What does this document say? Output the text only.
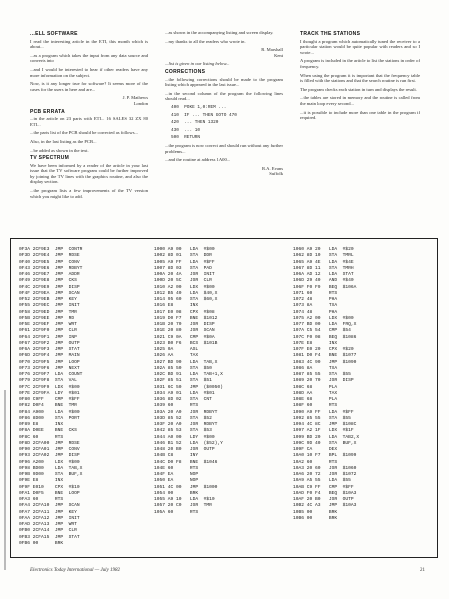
...ELL SOFTWARE

I read the interesting article in the ETI, this month which is about...

...as a program which takes the input from any data source and converts into

...and I would be interested to hear if other readers have any more information on the subject.

Now, is it any longer true for software? It seems more of the cases for the users in here and are...

J. P. Mathews
London

PCB ERRATA

...in the article on 23 parts with ETI... 16 SALES 32 ZX 80 ETI...

...the parts list of the PCB should be corrected as follows...

Also, in the last listing as the PCB...

...be added as shown in the text.

TV SPECTRUM

We have been informed by a reader of the article in your last issue that the TV software program could be further improved by joining the TV lines with the graphics routine, and also the display section.

...the program lists a few improvements of the TV version which you might like to add.

...as shown in the accompanying listing and screen display.

...my thanks to all the readers who wrote in.

R. Marshall
Kent

...list is given in our listing below...

CORRECTIONS

...the following corrections should be made to the program listing which appeared in the last issue...

...in the second column of the program the following lines should read...

400  POKE 1,0:REM ...
410  IF ... THEN GOTO 470
420  ... THEN 1320
430  ... 10
500  RETURN

...the program is now correct and should run without any further problems...

...and the routine at address 1A00...

R.A. Evans
Suffolk

TRACK THE STATIONS

I thought a program which automatically tuned the receiver to a particular station would be quite popular with readers and so I wrote...

A program is included in the article to list the stations in order of frequency.

When using the program it is important that the frequency table is filled with the stations and that the search routine is run first.

The program checks each station in turn and displays the result.

...the tables are stored in memory and the routine is called from the main loop every second...

...it is possible to include more than one table in the program if required.

0F3A 2CF9E3  JMP  CONTR
0F3D 2CF9E4  JMP  RDSE
0F40 2CF9E5  JMP  CONV
0F43 2CF9E6  JMP  RDBYT
0F46 2CF9E7  JMP  ADDR
0F49 2CF9E8  JMP  CKS
0F4C 2CF9E9  JMP  DISP
0F4F 2CF9EA  JMP  SCAN
0F52 2CF9EB  JMP  KEY
0F55 2CF9EC  JMP  INIT
0F58 2CF9ED  JMP  TMR
0F5B 2CF9EE  JMP  RD
0F5E 2CF9EF  JMP  WRT
0F61 2CF9F0  JMP  CLR
0F64 2CF9F1  JMP  INP
0F67 2CF9F2  JMP  OUTP
0F6A 2CF9F3  JMP  STAT
0F6D 2CF9F4  JMP  MAIN
0F70 2CF9F5  JMP  LOOP
0F73 2CF9F6  JMP  NEXT
0F76 2CF9F7  LDA  COUNT
0F79 2CF9F8  STA  VAL
0F7C 2CF9F9  LDX  #$00
0F7E 2CF9FA  LDY  #$01
0F80 C9FF    CMP  #$FF
0F82 D0F4    BNE  TMR
0F84 A900    LDA  #$00
0F86 8D00    STA  PORT
0F89 E8      INX
0F8A D0EE    BNE  CKS
0F8C 60      RTS
0F8D 2CFA00  JMP  RDSE
0F90 2CFA01  JMP  CONV
0F93 2CFA02  JMP  DISP
0F96 A200    LDX  #$00
0F98 BD00    LDA  TAB,X
0F9B 9D00    STA  BUF,X
0F9E E8      INX
0F9F E010    CPX  #$10
0FA1 D0F5    BNE  LOOP
0FA3 60      RTS
0FA4 2CFA10  JMP  SCAN
0FA7 2CFA11  JMP  KEY
0FAA 2CFA12  JMP  INIT
0FAD 2CFA13  JMP  WRT
0FB0 2CFA14  JMP  CLR
0FB3 2CFA15  JMP  STAT
0FB6 00      BRK
1000 A9 00   LDA  #$00
1002 8D 01   STA  DDR
1005 A9 FF   LDA  #$FF
1007 8D 03   STA  PAD
100A 20 4A   JSR  INIT
100D 20 5C   JSR  CLR
1010 A2 00   LDX  #$00
1012 B5 40   LDA  $40,X
1014 95 60   STA  $60,X
1016 E8      INX
1017 E0 08   CPX  #$08
1019 D0 F7   BNE  $1012
101B 20 70   JSR  DISP
101E 20 80   JSR  SCAN
1021 C9 0A   CMP  #$0A
1023 B0 F6   BCS  $101B
1025 0A      ASL
1026 AA      TAX
1027 BD 90   LDA  TAB,X
102A 85 50   STA  $50
102C BD 91   LDA  TAB+1,X
102F 85 51   STA  $51
1031 6C 50   JMP  ($0050)
1034 A9 01   LDA  #$01
1036 8D 02   STA  CNT
1039 60      RTS
103A 20 A0   JSR  RDBYT
103D 85 52   STA  $52
103F 20 A0   JSR  RDBYT
1042 85 53   STA  $53
1044 A0 00   LDY  #$00
1046 B1 52   LDA  ($52),Y
1048 20 B0   JSR  OUTP
104B C8      INY
104C D0 F8   BNE  $1046
104E 60      RTS
104F EA      NOP
1050 EA      NOP
1051 4C 00   JMP  $1000
1054 00      BRK
1055 A9 10   LDA  #$10
1057 20 C0   JSR  TMR
105A 60      RTS
1060 A9 20   LDA  #$20
1062 8D 10   STA  TMRL
1065 A9 4E   LDA  #$4E
1067 8D 11   STA  TMRH
106A AD 12   LDA  STAT
106D 29 40   AND  #$40
106F F0 F9   BEQ  $106A
1071 60      RTS
1072 48      PHA
1073 8A      TXA
1074 48      PHA
1075 A2 00   LDX  #$00
1077 BD 00   LDA  FRQ,X
107A C5 54   CMP  $54
107C F0 08   BEQ  $1086
107E E8      INX
107F E0 20   CPX  #$20
1081 D0 F4   BNE  $1077
1083 4C 90   JMP  $1090
1086 8A      TXA
1087 85 55   STA  $55
1089 20 70   JSR  DISP
108C 68      PLA
108D AA      TAX
108E 68      PLA
108F 60      RTS
1090 A9 FF   LDA  #$FF
1092 85 55   STA  $55
1094 4C 8C   JMP  $108C
1097 A2 1F   LDX  #$1F
1099 BD 20   LDA  TAB2,X
109C 9D 40   STA  BUF,X
109F CA      DEX
10A0 10 F7   BPL  $1099
10A2 60      RTS
10A3 20 60   JSR  $1060
10A6 20 72   JSR  $1072
10A9 A5 55   LDA  $55
10AB C9 FF   CMP  #$FF
10AD F0 F4   BEQ  $10A3
10AF 20 B0   JSR  OUTP
10B2 4C A3   JMP  $10A3
10B5 00      BRK
10B6 00      BRK
Electronics Today International — July 1982	21
